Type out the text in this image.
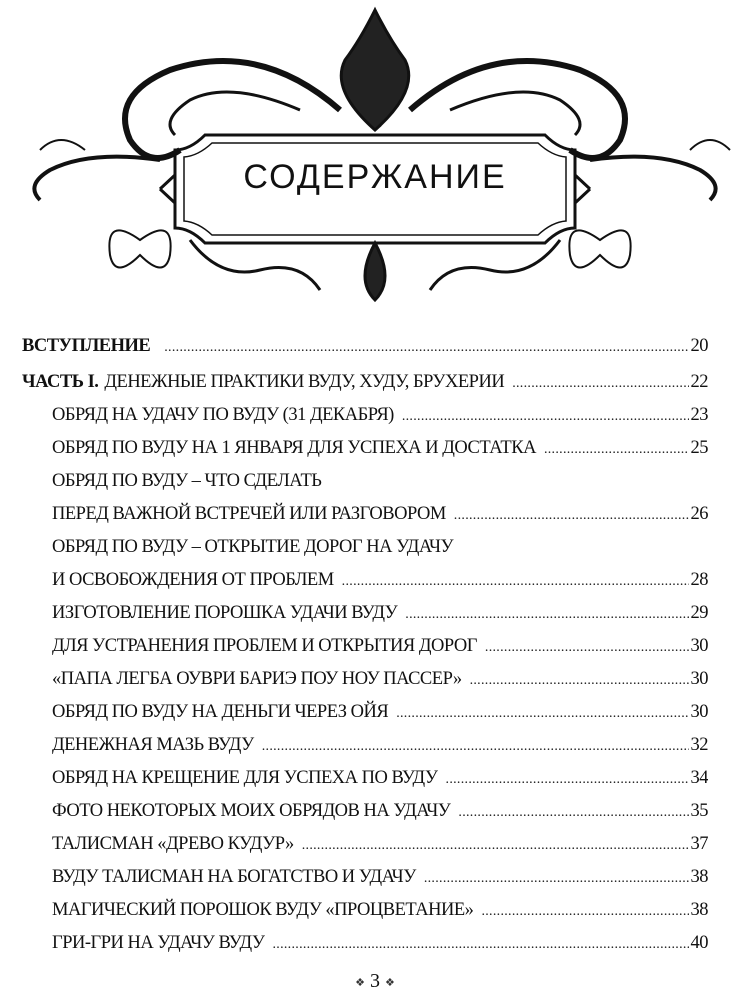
СОДЕРЖАНИЕ
ВСТУПЛЕНИЕ . . .	20
ЧАСТЬ I. ДЕНЕЖНЫЕ ПРАКТИКИ ВУДУ, ХУДУ, БРУХЕРИИ . . .	22
ОБРЯД НА УДАЧУ ПО ВУДУ (31 ДЕКАБРЯ) . . .	23
ОБРЯД ПО ВУДУ НА 1 ЯНВАРЯ ДЛЯ УСПЕХА И ДОСТАТКА . . .	25
ОБРЯД ПО ВУДУ – ЧТО СДЕЛАТЬ
ПЕРЕД ВАЖНОЙ ВСТРЕЧЕЙ ИЛИ РАЗГОВОРОМ . . .	26
ОБРЯД ПО ВУДУ – ОТКРЫТИЕ ДОРОГ НА УДАЧУ
И ОСВОБОЖДЕНИЯ ОТ ПРОБЛЕМ . . .	28
ИЗГОТОВЛЕНИЕ ПОРОШКА УДАЧИ ВУДУ . . .	29
ДЛЯ УСТРАНЕНИЯ ПРОБЛЕМ И ОТКРЫТИЯ ДОРОГ . . .	30
«ПАПА ЛЕГБА ОУВРИ БАРИЭ ПОУ НОУ ПАССЕР» . . .	30
ОБРЯД ПО ВУДУ НА ДЕНЬГИ ЧЕРЕЗ ОЙЯ . . .	30
ДЕНЕЖНАЯ МАЗЬ ВУДУ . . .	32
ОБРЯД НА КРЕЩЕНИЕ ДЛЯ УСПЕХА ПО ВУДУ . . .	34
ФОТО НЕКОТОРЫХ МОИХ ОБРЯДОВ НА УДАЧУ . . .	35
ТАЛИСМАН «ДРЕВО КУДУР» . . .	37
ВУДУ ТАЛИСМАН НА БОГАТСТВО И УДАЧУ . . .	38
МАГИЧЕСКИЙ ПОРОШОК ВУДУ «ПРОЦВЕТАНИЕ» . . .	38
ГРИ-ГРИ НА УДАЧУ ВУДУ . . .	40
❖ 3 ❖
